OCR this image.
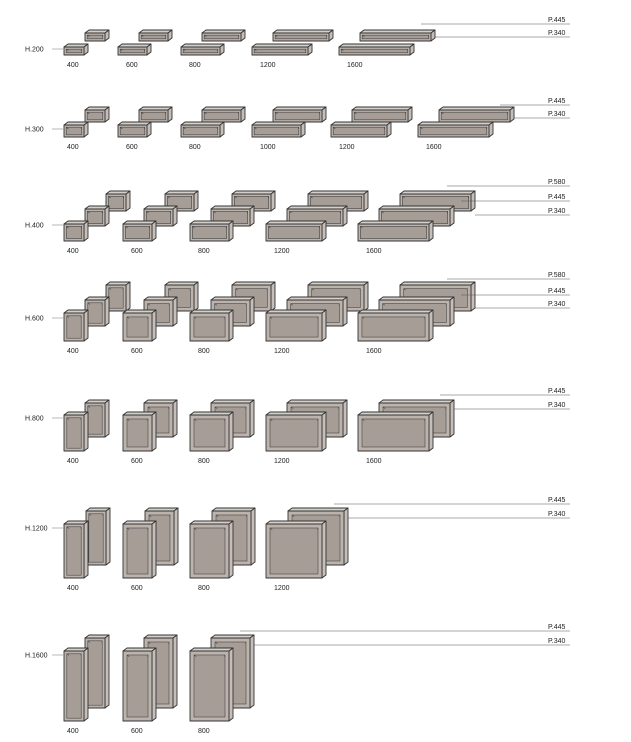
H.200
400	600	800	1200	1600
P.445
P.340
H.300
400	600	800	1000	1200	1600
P.445
P.340
H.400
400	600	800	1200	1600
P.580
P.445
P.340
H.600
400	600	800	1200	1600
P.580
P.445
P.340
H.800
400	600	800	1200	1600
P.445
P.340
H.1200
400	600	800	1200
P.445
P.340
H.1600
400	600	800
P.445
P.340
